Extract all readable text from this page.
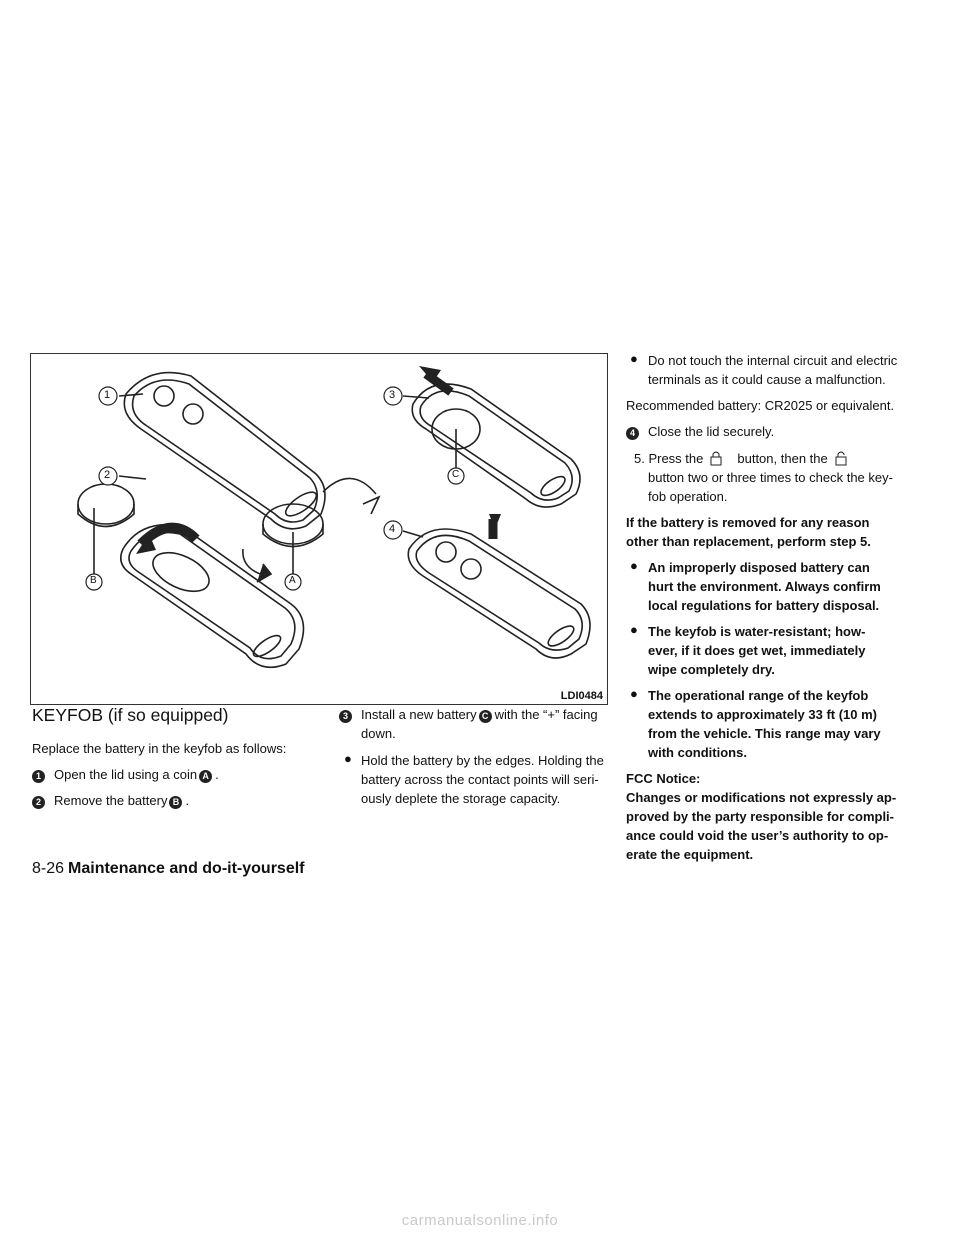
LDI0484
1
2
3
4
B	A
C
KEYFOB (if so equipped)

Replace the battery in the keyfob as follows:

1 Open the lid using a coin A .

2 Remove the battery B .

3 Install a new battery C with the “+” facing

down.

● Hold the battery by the edges. Holding the

battery across the contact points will seri-

ously deplete the storage capacity.

● Do not touch the internal circuit and electric

terminals as it could cause a malfunction.

Recommended battery: CR2025 or equivalent.

4 Close the lid securely.

5. Press the	button, then the

button two or three times to check the key-

fob operation.

If the battery is removed for any reason

other than replacement, perform step 5.

● An improperly disposed battery can

hurt the environment. Always confirm

local regulations for battery disposal.

● The keyfob is water-resistant; how-

ever, if it does get wet, immediately

wipe completely dry.

● The operational range of the keyfob

extends to approximately 33 ft (10 m)

from the vehicle. This range may vary

with conditions.

FCC Notice:

Changes or modifications not expressly ap-

proved by the party responsible for compli-

ance could void the user’s authority to op-

erate the equipment.

8-26 Maintenance and do-it-yourself
carmanualsonline.info
